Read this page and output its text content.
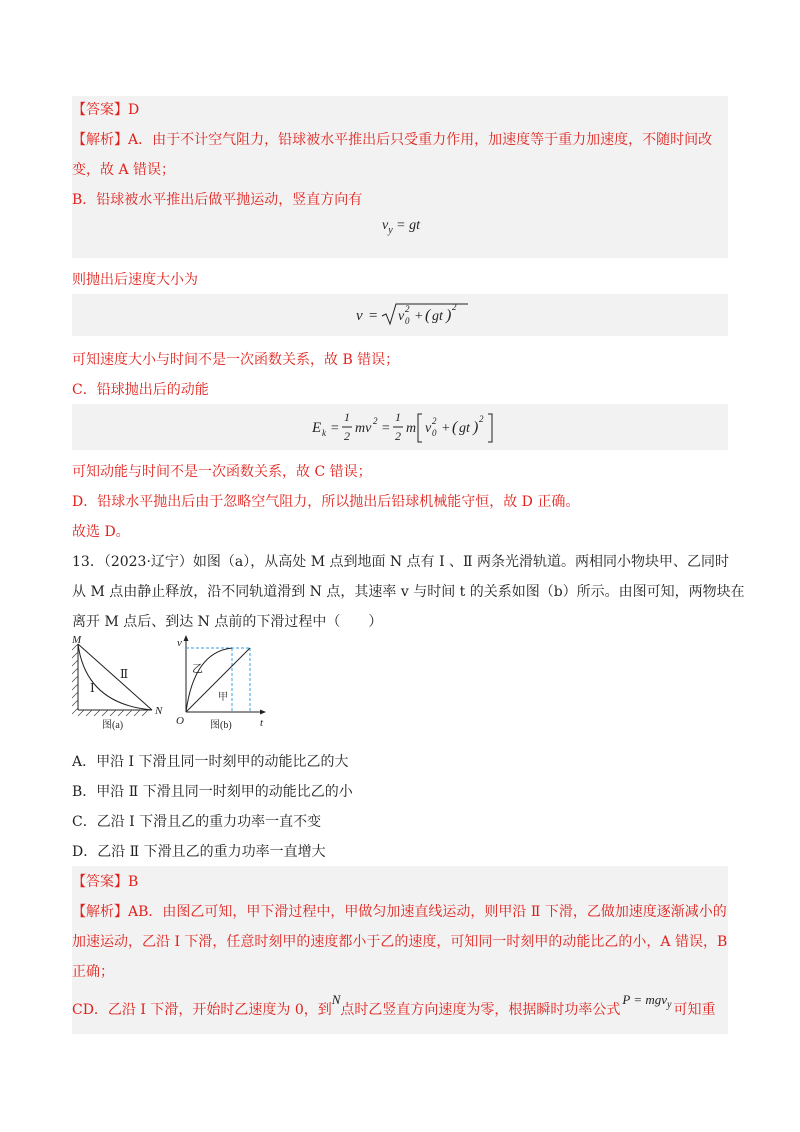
【答案】D
【解析】A．由于不计空气阻力，铅球被水平推出后只受重力作用，加速度等于重力加速度，不随时间改
变，故 A 错误；
B．铅球被水平推出后做平抛运动，竖直方向有
$v_y$ = gt
则抛出后速度大小为
v = v 2
0 + ( gt ) 2
可知速度大小与时间不是一次函数关系，故 B 错误；
C．铅球抛出后的动能
E k =
1
2 mv 2 =
1
2 m v 2
0 + ( gt ) 2
可知动能与时间不是一次函数关系，故 C 错误；
D．铅球水平抛出后由于忽略空气阻力，所以抛出后铅球机械能守恒，故 D 正确。
故选 D。
13．（2023·辽宁）如图（a），从高处 M 点到地面 N 点有 Ⅰ 、Ⅱ 两条光滑轨道。两相同小物块甲、乙同时
从 M 点由静止释放，沿不同轨道滑到 N 点，其速率 v 与时间 t 的关系如图（b）所示。由图可知，两物块在
离开 M 点后、到达 N 点前的下滑过程中（　　）
M
N
Ⅰ
Ⅱ
图(a)
v
t
O
乙
甲
图(b)
A．甲沿 Ⅰ 下滑且同一时刻甲的动能比乙的大
B．甲沿 Ⅱ 下滑且同一时刻甲的动能比乙的小
C．乙沿 Ⅰ 下滑且乙的重力功率一直不变
D．乙沿 Ⅱ 下滑且乙的重力功率一直增大
【答案】B
【解析】AB．由图乙可知，甲下滑过程中，甲做匀加速直线运动，则甲沿 Ⅱ 下滑，乙做加速度逐渐减小的
加速运动，乙沿 Ⅰ 下滑，任意时刻甲的速度都小于乙的速度，可知同一时刻甲的动能比乙的小，A 错误，B
正确；
CD．乙沿 Ⅰ 下滑，开始时乙速度为 0，到N点时乙竖直方向速度为零，根据瞬时功率公式P = mgv$_y$ 可知重
